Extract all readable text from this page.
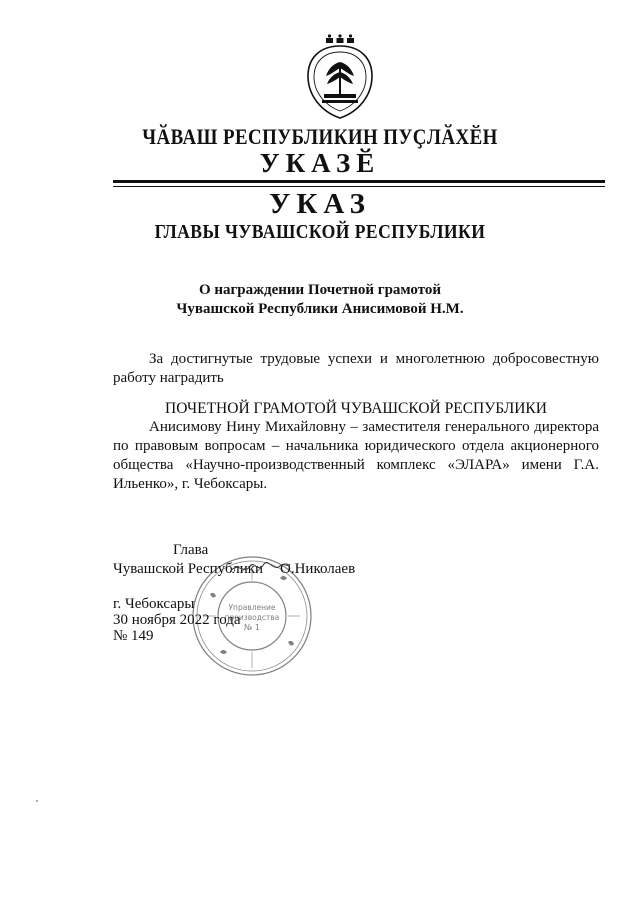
ЧӐВАШ РЕСПУБЛИКИН ПУҪЛӐХӖН
УКАЗӖ
УКАЗ
ГЛАВЫ ЧУВАШСКОЙ РЕСПУБЛИКИ
О награждении Почетной грамотой
Чувашской Республики Анисимовой Н.М.
За достигнутые трудовые успехи и многолетнюю добросовестную работу наградить
ПОЧЕТНОЙ ГРАМОТОЙ ЧУВАШСКОЙ РЕСПУБЛИКИ
Анисимову Нину Михайловну – заместителя генерального директора по правовым вопросам – начальника юридического отдела акционерного общества «Научно-производственный комплекс «ЭЛАРА» имени Г.А. Ильенко», г. Чебоксары.
Управление
производства
№ 1
Глава
Чувашской Республики О.Николаев
г. Чебоксары
30 ноября 2022 года
№ 149
